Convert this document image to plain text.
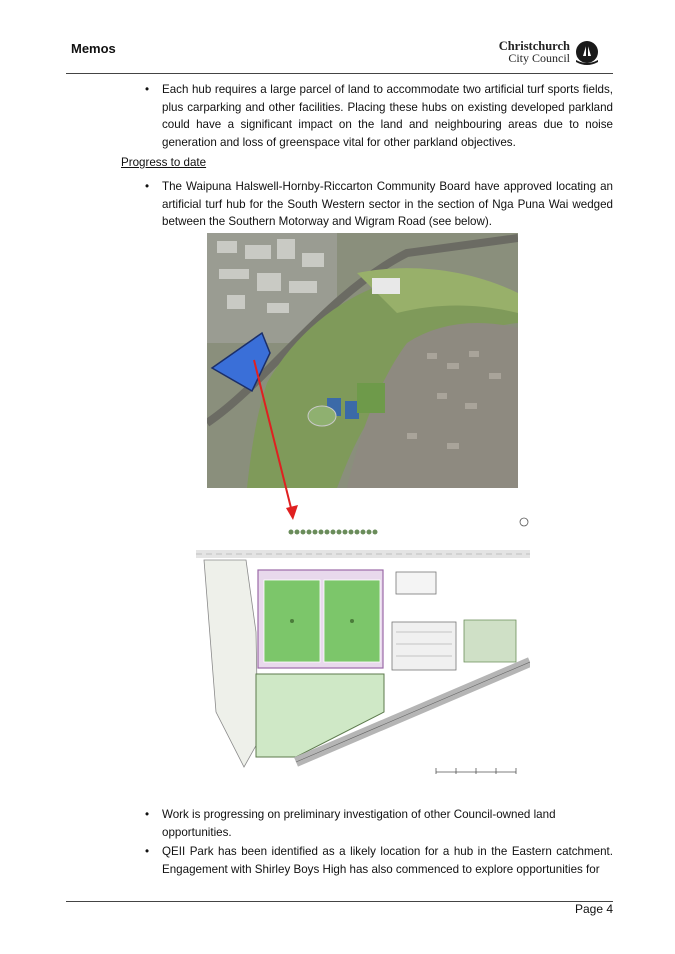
Memos	Christchurch
City Council
•	Each hub requires a large parcel of land to accommodate two artificial turf sports fields, plus carparking and other facilities. Placing these hubs on existing developed parkland could have a significant impact on the land and neighbouring areas due to noise generation and loss of greenspace vital for other parkland objectives.
Progress to date
•	The Waipuna Halswell-Hornby-Riccarton Community Board have approved locating an artificial turf hub for the South Western sector in the section of Nga Puna Wai wedged between the Southern Motorway and Wigram Road (see below).
•	Work is progressing on preliminary investigation of other Council-owned land opportunities.
•	QEII Park has been identified as a likely location for a hub in the Eastern catchment. Engagement with Shirley Boys High has also commenced to explore opportunities for
Page 4
